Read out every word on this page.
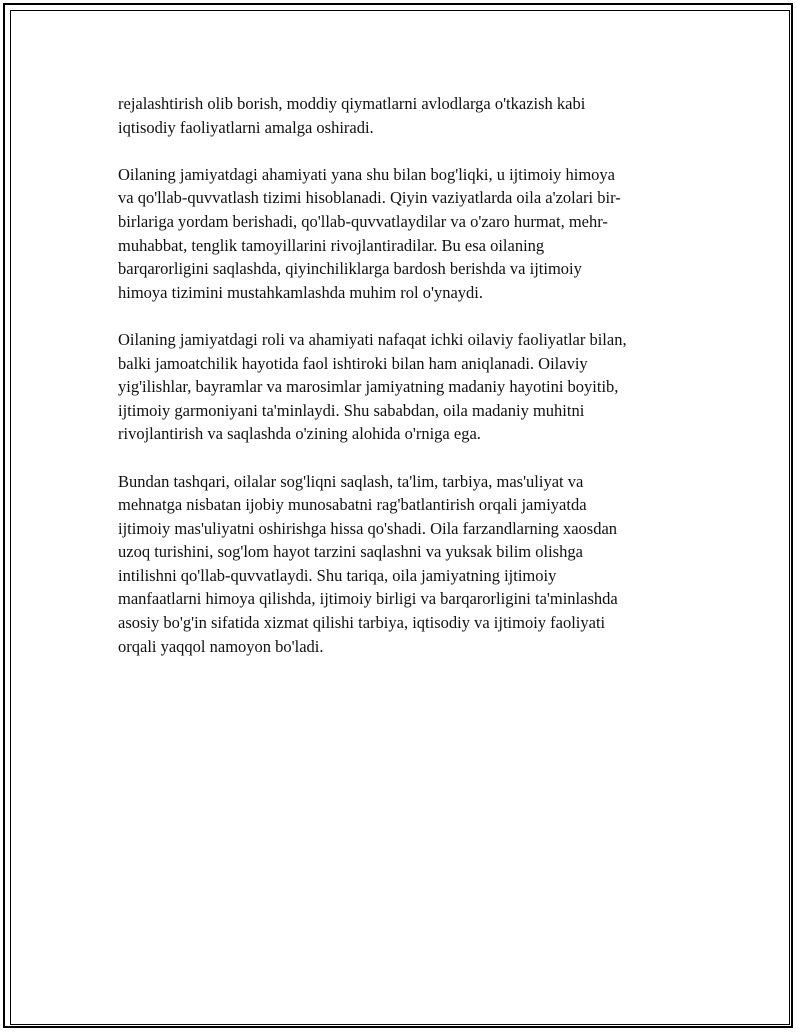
rejalashtirish olib borish, moddiy qiymatlarni avlodlarga o'tkazish kabi
iqtisodiy faoliyatlarni amalga oshiradi.

Oilaning jamiyatdagi ahamiyati yana shu bilan bog'liqki, u ijtimoiy himoya
va qo'llab-quvvatlash tizimi hisoblanadi. Qiyin vaziyatlarda oila a'zolari bir-
birlariga yordam berishadi, qo'llab-quvvatlaydilar va o'zaro hurmat, mehr-
muhabbat, tenglik tamoyillarini rivojlantiradilar. Bu esa oilaning
barqarorligini saqlashda, qiyinchiliklarga bardosh berishda va ijtimoiy
himoya tizimini mustahkamlashda muhim rol o'ynaydi.

Oilaning jamiyatdagi roli va ahamiyati nafaqat ichki oilaviy faoliyatlar bilan,
balki jamoatchilik hayotida faol ishtiroki bilan ham aniqlanadi. Oilaviy
yig'ilishlar, bayramlar va marosimlar jamiyatning madaniy hayotini boyitib,
ijtimoiy garmoniyani ta'minlaydi. Shu sababdan, oila madaniy muhitni
rivojlantirish va saqlashda o'zining alohida o'rniga ega.

Bundan tashqari, oilalar sog'liqni saqlash, ta'lim, tarbiya, mas'uliyat va
mehnatga nisbatan ijobiy munosabatni rag'batlantirish orqali jamiyatda
ijtimoiy mas'uliyatni oshirishga hissa qo'shadi. Oila farzandlarning xaosdan
uzoq turishini, sog'lom hayot tarzini saqlashni va yuksak bilim olishga
intilishni qo'llab-quvvatlaydi. Shu tariqa, oila jamiyatning ijtimoiy
manfaatlarni himoya qilishda, ijtimoiy birligi va barqarorligini ta'minlashda
asosiy bo'g'in sifatida xizmat qilishi tarbiya, iqtisodiy va ijtimoiy faoliyati
orqali yaqqol namoyon bo'ladi.
